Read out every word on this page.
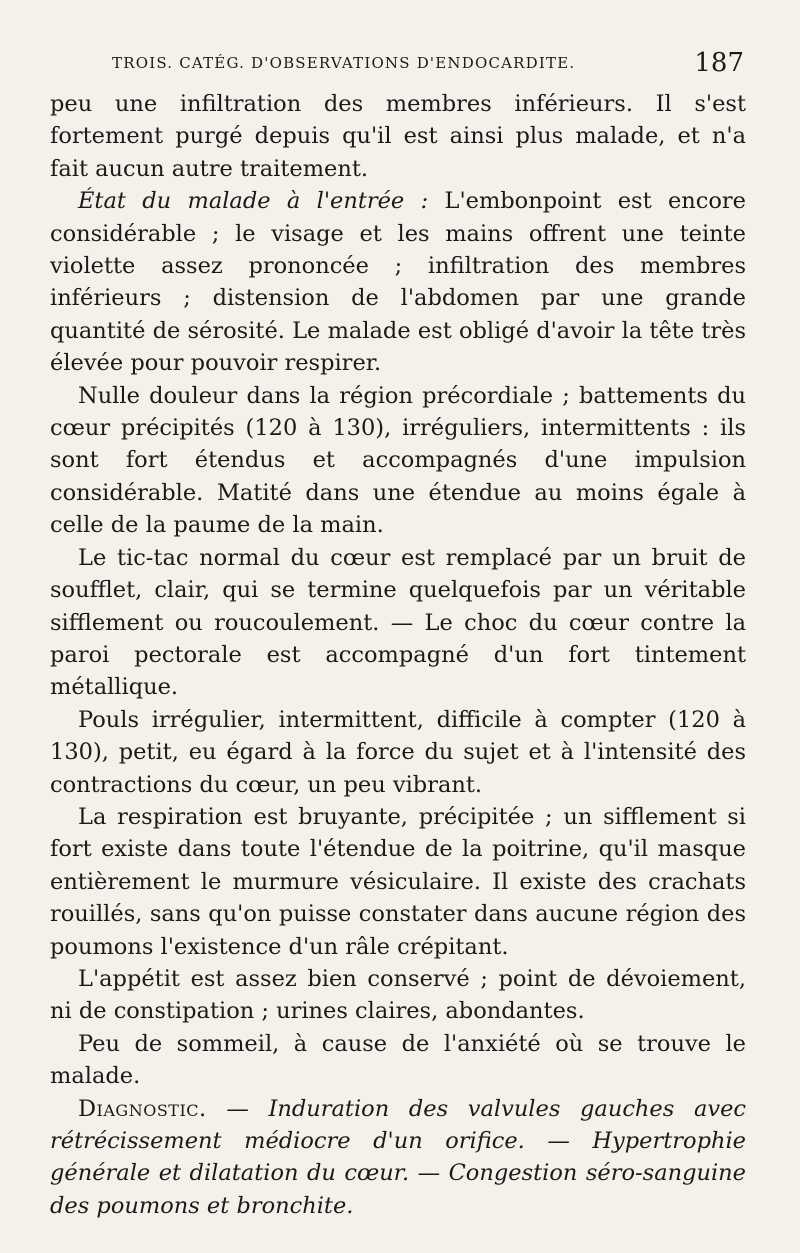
TROIS. CATÉG. D'OBSERVATIONS D'ENDOCARDITE.	187

peu une infiltration des membres inférieurs. Il s'est fortement purgé depuis qu'il est ainsi plus malade, et n'a fait aucun autre traitement.

État du malade à l'entrée : L'embonpoint est encore considérable ; le visage et les mains offrent une teinte violette assez prononcée ; infiltration des membres inférieurs ; distension de l'abdomen par une grande quantité de sérosité. Le malade est obligé d'avoir la tête très élevée pour pouvoir respirer.

Nulle douleur dans la région précordiale ; battements du cœur précipités (120 à 130), irréguliers, intermittents : ils sont fort étendus et accompagnés d'une impulsion considérable. Matité dans une étendue au moins égale à celle de la paume de la main.

Le tic-tac normal du cœur est remplacé par un bruit de soufflet, clair, qui se termine quelquefois par un véritable sifflement ou roucoulement. — Le choc du cœur contre la paroi pectorale est accompagné d'un fort tintement métallique.

Pouls irrégulier, intermittent, difficile à compter (120 à 130), petit, eu égard à la force du sujet et à l'intensité des contractions du cœur, un peu vibrant.

La respiration est bruyante, précipitée ; un sifflement si fort existe dans toute l'étendue de la poitrine, qu'il masque entièrement le murmure vésiculaire. Il existe des crachats rouillés, sans qu'on puisse constater dans aucune région des poumons l'existence d'un râle crépitant.

L'appétit est assez bien conservé ; point de dévoiement, ni de constipation ; urines claires, abondantes.

Peu de sommeil, à cause de l'anxiété où se trouve le malade.

Diagnostic. — Induration des valvules gauches avec rétrécissement médiocre d'un orifice. — Hypertrophie générale et dilatation du cœur. — Congestion séro-sanguine des poumons et bronchite.
